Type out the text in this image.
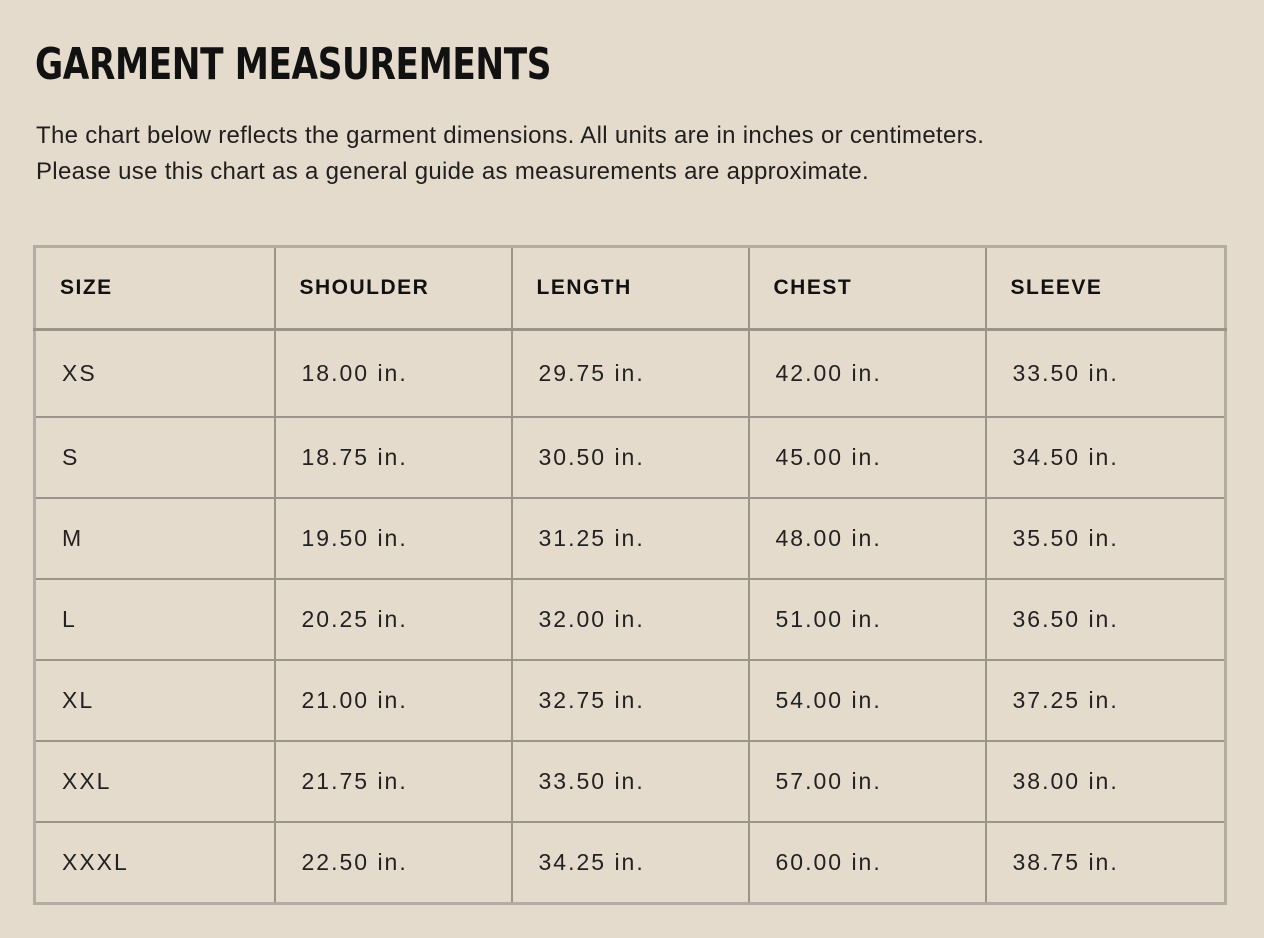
GARMENT MEASUREMENTS

The chart below reflects the garment dimensions. All units are in inches or centimeters.

Please use this chart as a general guide as measurements are approximate.

SIZE	SHOULDER	LENGTH	CHEST	SLEEVE
XS	18.00 in.	29.75 in.	42.00 in.	33.50 in.
S	18.75 in.	30.50 in.	45.00 in.	34.50 in.
M	19.50 in.	31.25 in.	48.00 in.	35.50 in.
L	20.25 in.	32.00 in.	51.00 in.	36.50 in.
XL	21.00 in.	32.75 in.	54.00 in.	37.25 in.
XXL	21.75 in.	33.50 in.	57.00 in.	38.00 in.
XXXL	22.50 in.	34.25 in.	60.00 in.	38.75 in.
